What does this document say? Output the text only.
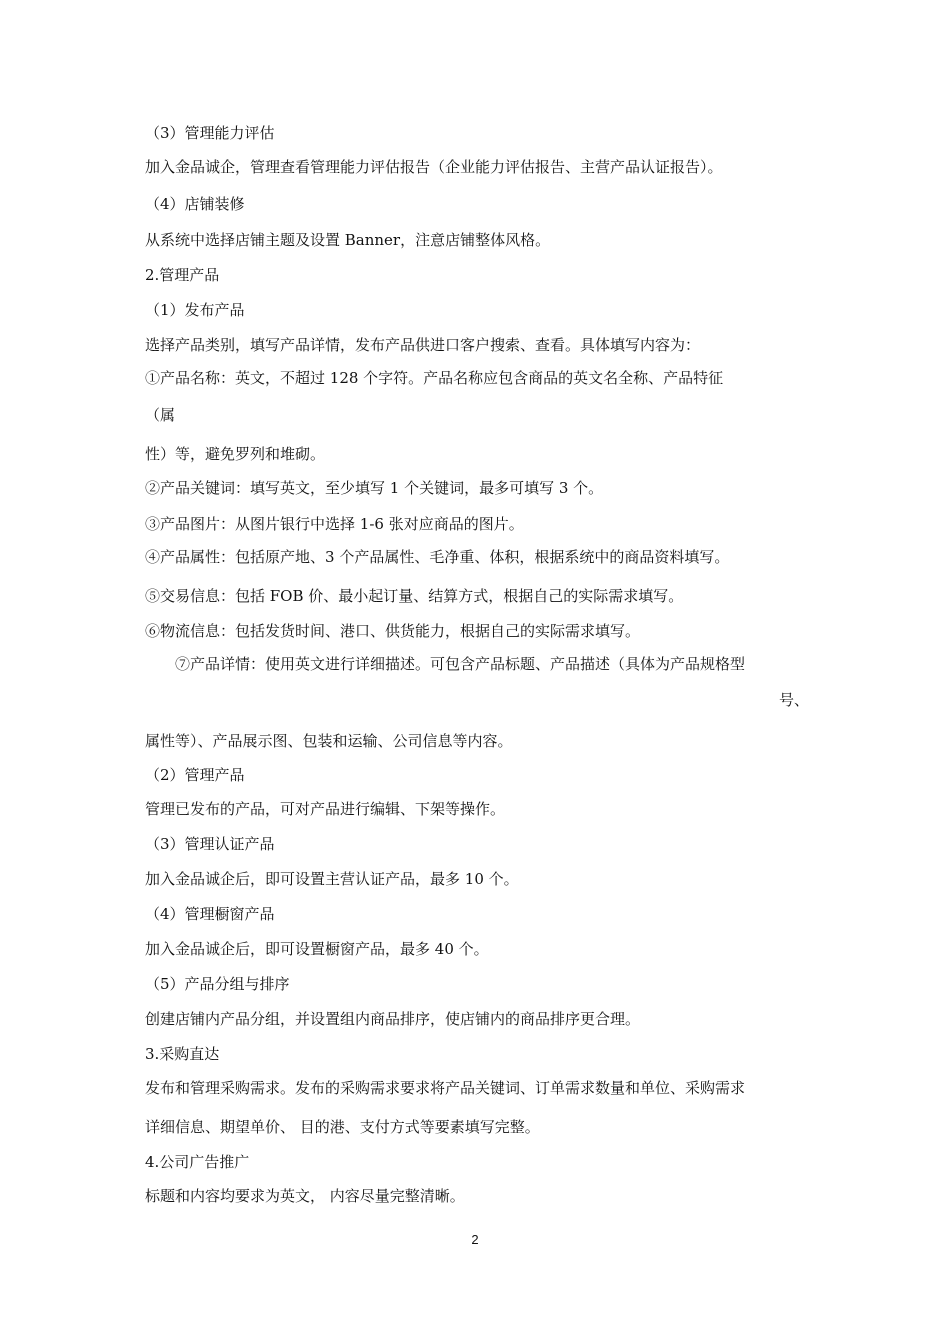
（3）管理能力评估
加入金品诚企，管理查看管理能力评估报告（企业能力评估报告、主营产品认证报告）。
（4）店铺装修
从系统中选择店铺主题及设置 Banner，注意店铺整体风格。
2.管理产品
（1）发布产品
选择产品类别，填写产品详情，发布产品供进口客户搜索、查看。具体填写内容为：
①产品名称：英文，不超过 128 个字符。产品名称应包含商品的英文名全称、产品特征
（属
性）等，避免罗列和堆砌。
②产品关键词：填写英文，至少填写 1 个关键词，最多可填写 3 个。
③产品图片：从图片银行中选择 1-6 张对应商品的图片。
④产品属性：包括原产地、3 个产品属性、毛净重、体积，根据系统中的商品资料填写。
⑤交易信息：包括 FOB 价、最小起订量、结算方式，根据自己的实际需求填写。
⑥物流信息：包括发货时间、港口、供货能力，根据自己的实际需求填写。
⑦产品详情：使用英文进行详细描述。可包含产品标题、产品描述（具体为产品规格型
号、
属性等）、产品展示图、包装和运输、公司信息等内容。
（2）管理产品
管理已发布的产品，可对产品进行编辑、下架等操作。
（3）管理认证产品
加入金品诚企后，即可设置主营认证产品，最多 10 个。
（4）管理橱窗产品
加入金品诚企后，即可设置橱窗产品，最多 40 个。
（5）产品分组与排序
创建店铺内产品分组，并设置组内商品排序，使店铺内的商品排序更合理。
3.采购直达
发布和管理采购需求。发布的采购需求要求将产品关键词、订单需求数量和单位、采购需求
详细信息、期望单价、 目的港、支付方式等要素填写完整。
4.公司广告推广
标题和内容均要求为英文， 内容尽量完整清晰。
2
